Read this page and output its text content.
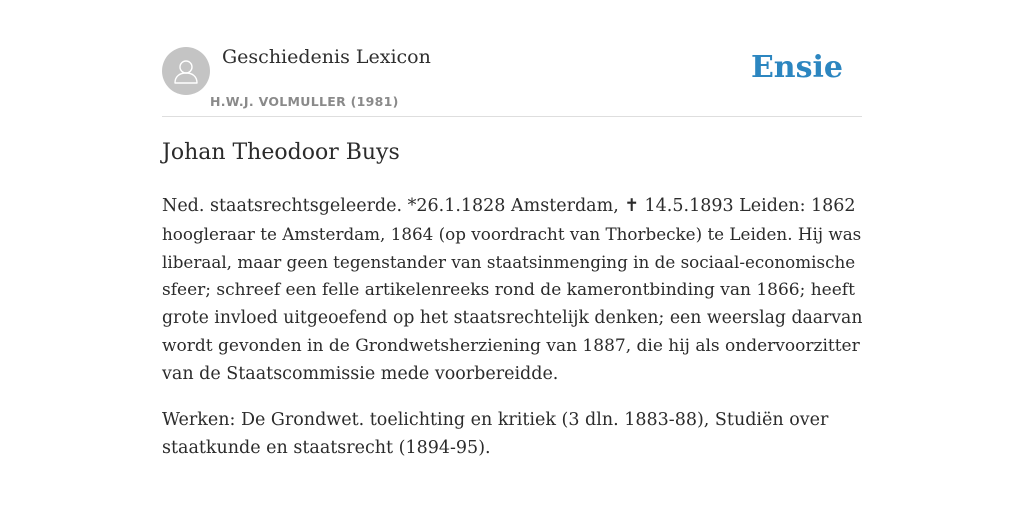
Geschiedenis Lexicon
H.W.J. VOLMULLER (1981)
Ensie
Johan Theodoor Buys

Ned. staatsrechtsgeleerde. *26.1.1828 Amsterdam, ✝ 14.5.1893 Leiden: 1862
hoogleraar te Amsterdam, 1864 (op voordracht van Thorbecke) te Leiden. Hij was
liberaal, maar geen tegenstander van staatsinmenging in de sociaal-economische
sfeer; schreef een felle artikelenreeks rond de kamerontbinding van 1866; heeft
grote invloed uitgeoefend op het staatsrechtelijk denken; een weerslag daarvan
wordt gevonden in de Grondwetsherziening van 1887, die hij als ondervoorzitter
van de Staatscommissie mede voorbereidde.

Werken: De Grondwet. toelichting en kritiek (3 dln. 1883-88), Studiën over
staatkunde en staatsrecht (1894-95).
